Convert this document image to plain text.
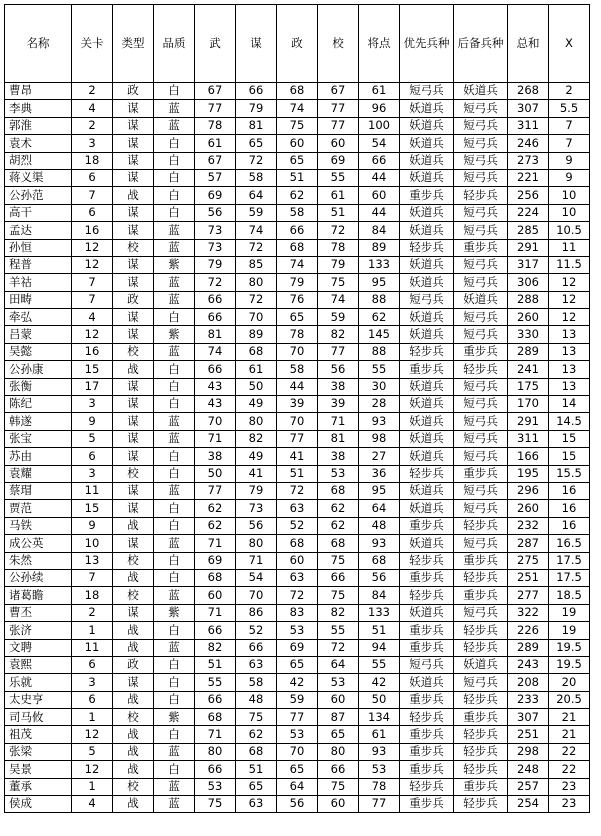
名称	关卡	类型	品质	武	谋	政	校	将点	优先兵种	后备兵种	总和	X
曹昂	2	政	白	67	66	68	67	61	短弓兵	妖道兵	268	2
李典	4	谋	蓝	77	79	74	77	96	妖道兵	短弓兵	307	5.5
郭淮	2	谋	蓝	78	81	75	77	100	妖道兵	短弓兵	311	7
袁术	3	谋	白	61	65	60	60	54	妖道兵	短弓兵	246	7
胡烈	18	谋	白	67	72	65	69	66	妖道兵	短弓兵	273	9
蒋义渠	6	谋	白	57	58	51	55	44	妖道兵	短弓兵	221	9
公孙范	7	战	白	69	64	62	61	60	重步兵	轻步兵	256	10
高干	6	谋	白	56	59	58	51	44	妖道兵	短弓兵	224	10
孟达	16	谋	蓝	73	74	66	72	84	妖道兵	短弓兵	285	10.5
孙恒	12	校	蓝	73	72	68	78	89	轻步兵	重步兵	291	11
程普	12	谋	紫	79	85	74	79	133	妖道兵	短弓兵	317	11.5
羊祜	7	谋	蓝	72	80	79	75	95	妖道兵	短弓兵	306	12
田畴	7	政	蓝	66	72	76	74	88	短弓兵	妖道兵	288	12
牵弘	4	谋	白	66	70	65	59	62	妖道兵	短弓兵	260	12
吕蒙	12	谋	紫	81	89	78	82	145	妖道兵	短弓兵	330	13
吴懿	16	校	蓝	74	68	70	77	88	轻步兵	重步兵	289	13
公孙康	15	战	白	66	61	58	56	55	重步兵	轻步兵	241	13
张衡	17	谋	白	43	50	44	38	30	妖道兵	短弓兵	175	13
陈纪	3	谋	白	43	49	39	39	28	妖道兵	短弓兵	170	14
韩遂	9	谋	蓝	70	80	70	71	93	妖道兵	短弓兵	291	14.5
张宝	5	谋	蓝	71	82	77	81	98	妖道兵	短弓兵	311	15
苏由	6	谋	白	38	49	41	38	27	妖道兵	短弓兵	166	15
袁耀	3	校	白	50	41	51	53	36	轻步兵	重步兵	195	15.5
蔡瑁	11	谋	蓝	77	79	72	68	95	妖道兵	短弓兵	296	16
贾范	15	谋	白	62	73	63	62	64	妖道兵	短弓兵	260	16
马铁	9	战	白	62	56	52	62	48	重步兵	轻步兵	232	16
成公英	10	谋	蓝	71	80	68	68	93	妖道兵	短弓兵	287	16.5
朱然	13	校	白	69	71	60	75	68	轻步兵	重步兵	275	17.5
公孙续	7	战	白	68	54	63	66	56	重步兵	轻步兵	251	17.5
诸葛瞻	18	校	蓝	60	70	72	75	84	轻步兵	重步兵	277	18.5
曹丕	2	谋	紫	71	86	83	82	133	妖道兵	短弓兵	322	19
张济	1	战	白	66	52	53	55	51	重步兵	轻步兵	226	19
文聘	11	战	蓝	82	66	69	72	94	重步兵	轻步兵	289	19.5
袁熙	6	政	白	51	63	65	64	55	短弓兵	妖道兵	243	19.5
乐就	3	谋	白	55	58	42	53	42	妖道兵	短弓兵	208	20
太史亨	6	战	白	66	48	59	60	50	重步兵	轻步兵	233	20.5
司马攸	1	校	紫	68	75	77	87	134	轻步兵	重步兵	307	21
祖茂	12	战	白	71	62	53	65	61	重步兵	轻步兵	251	21
张梁	5	战	蓝	80	68	70	80	93	重步兵	轻步兵	298	22
吴景	12	战	白	66	51	65	66	53	重步兵	轻步兵	248	22
董承	1	校	蓝	53	65	64	75	78	轻步兵	重步兵	257	23
侯成	4	战	蓝	75	63	56	60	77	重步兵	轻步兵	254	23
